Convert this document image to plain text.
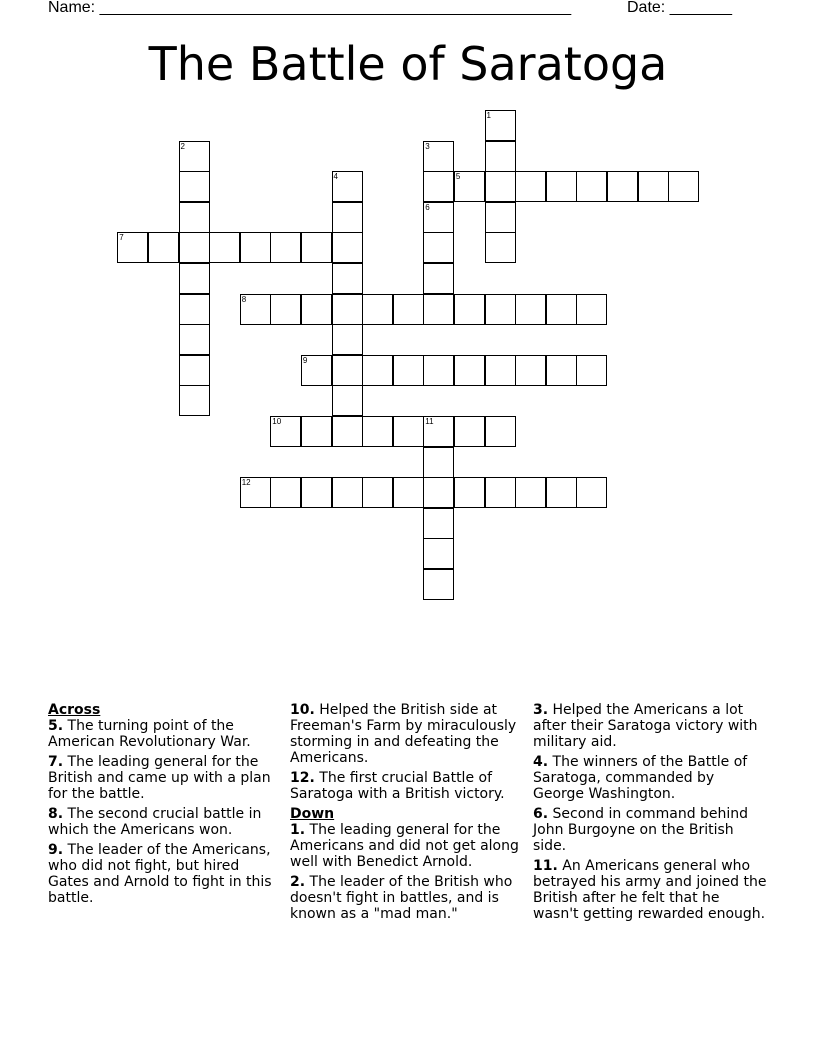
Name: _____________________________________________________	Date: _______
The Battle of Saratoga
1
2	3
6
4	5
7
8
9
10	11
12
Across
5. The turning point of the American Revolutionary War.
7. The leading general for the British and came up with a plan for the battle.
8. The second crucial battle in which the Americans won.
9. The leader of the Americans, who did not fight, but hired Gates and Arnold to fight in this battle.
10. Helped the British side at Freeman's Farm by miraculously storming in and defeating the Americans.
12. The first crucial Battle of Saratoga with a British victory.
Down
1. The leading general for the Americans and did not get along well with Benedict Arnold.
2. The leader of the British who doesn't fight in battles, and is known as a "mad man."
3. Helped the Americans a lot after their Saratoga victory with military aid.
4. The winners of the Battle of Saratoga, commanded by George Washington.
6. Second in command behind John Burgoyne on the British side.
11. An Americans general who betrayed his army and joined the British after he felt that he wasn't getting rewarded enough.
